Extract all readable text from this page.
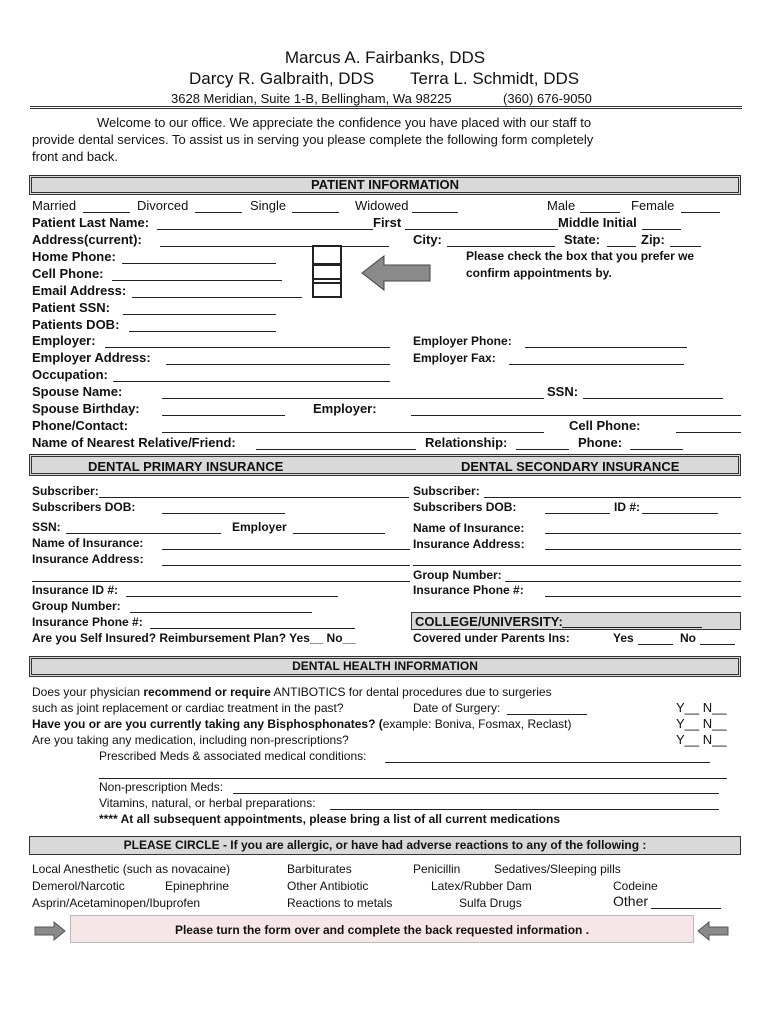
Marcus A. Fairbanks, DDS
Darcy R. Galbraith, DDS Terra L. Schmidt, DDS
3628 Meridian, Suite 1-B, Bellingham, Wa 98225	(360) 676-9050
Welcome to our office. We appreciate the confidence you have placed with our staff to
provide dental services. To assist us in serving you please complete the following form completely
front and back.
PATIENT INFORMATION
Married	Divorced	Single	Widowed	Male	Female
Patient Last Name:	First	Middle Initial
Address(current):	City:	State:	Zip:
Home Phone:
Cell Phone:
Email Address:
Patient SSN:
Patients DOB:
Please check the box that you prefer we
confirm appointments by.
Employer:	Employer Phone:
Employer Address:	Employer Fax:
Occupation:
Spouse Name:	SSN:
Spouse Birthday:	Employer:
Phone/Contact:	Cell Phone:
Name of Nearest Relative/Friend:	Relationship:	Phone:
DENTAL PRIMARY INSURANCE	DENTAL SECONDARY INSURANCE
Subscriber:
Subscribers DOB:
SSN:	Employer
Name of Insurance:
Insurance Address:
Insurance ID #:
Group Number:
Insurance Phone #:
Are you Self Insured? Reimbursement Plan? Yes__ No__
Subscriber:
Subscribers DOB:	ID #:
Name of Insurance:
Insurance Address:
Group Number:
Insurance Phone #:
COLLEGE/UNIVERSITY:
Covered under Parents Ins:	Yes	No
DENTAL HEALTH INFORMATION
Does your physician recommend or require ANTIBOTICS for dental procedures due to surgeries
such as joint replacement or cardiac treatment in the past?	Date of Surgery:	Y__ N__
Have you or are you currently taking any Bisphosphonates? (example: Boniva, Fosmax, Reclast)	Y__ N__
Are you taking any medication, including non-prescriptions?	Y__ N__
Prescribed Meds & associated medical conditions:
Non-prescription Meds:
Vitamins, natural, or herbal preparations:
**** At all subsequent appointments, please bring a list of all current medications
PLEASE CIRCLE - If you are allergic, or have had adverse reactions to any of the following :
Local Anesthetic (such as novacaine)	Barbiturates	Penicillin	Sedatives/Sleeping pills
Demerol/Narcotic	Epinephrine	Other Antibiotic	Latex/Rubber Dam	Codeine
Asprin/Acetaminopen/Ibuprofen	Reactions to metals	Sulfa Drugs	Other
Please turn the form over and complete the back requested information .
